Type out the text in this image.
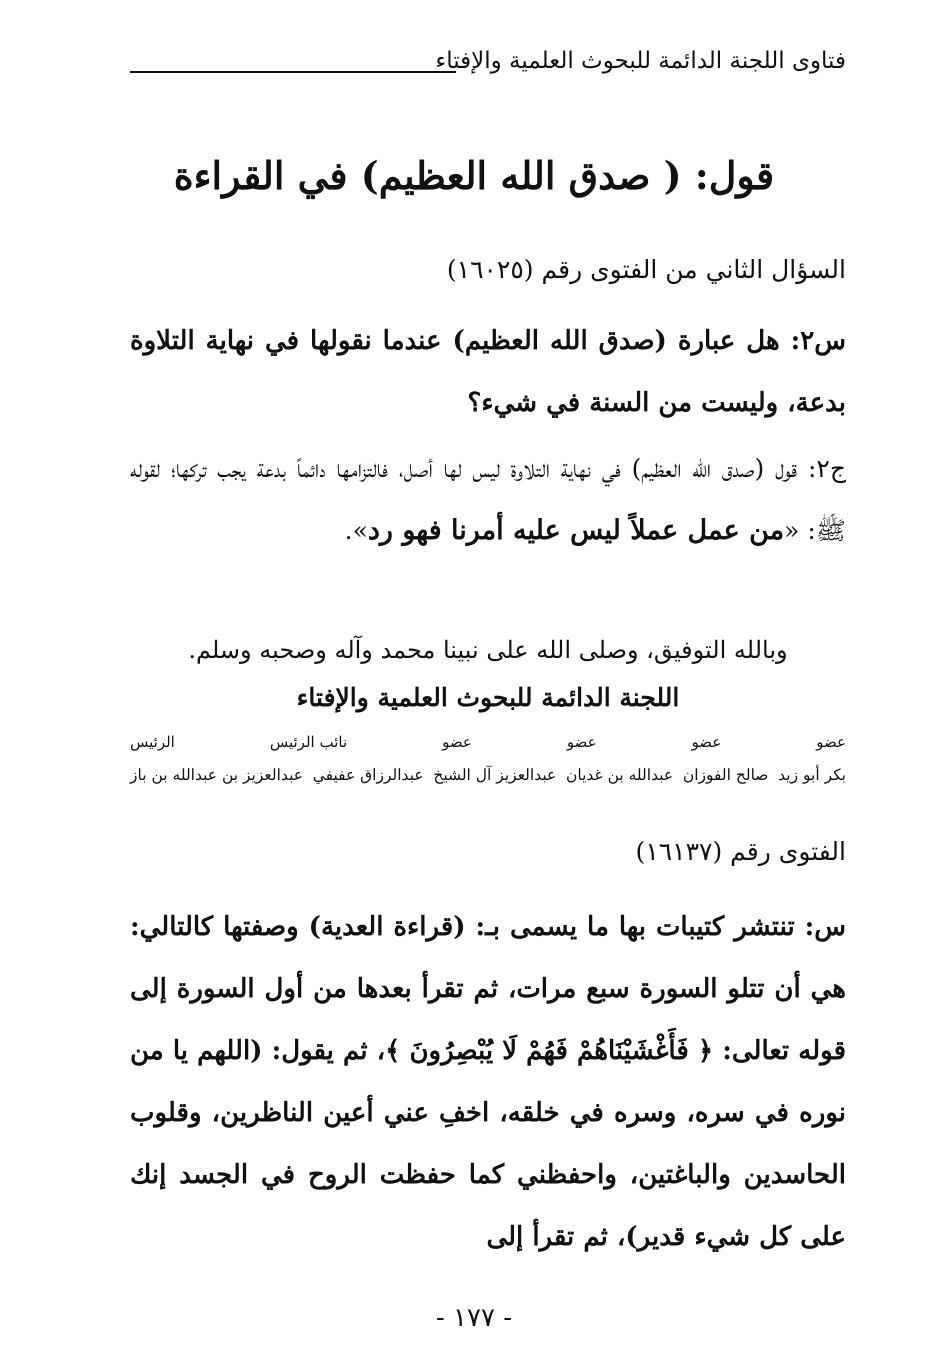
فتاوى اللجنة الدائمة للبحوث العلمية والإفتاء

قول: ( صدق الله العظيم) في القراءة

السؤال الثاني من الفتوى رقم (١٦٠٢٥)

س٢: هل عبارة (صدق الله العظيم) عندما نقولها في نهاية التلاوة بدعة، وليست من السنة في شيء؟

ج٢: قول (صدق الله العظيم) في نهاية التلاوة ليس لها أصل، فالتزامها دائماً بدعة يجب تركها؛ لقوله ﷺ: «من عمل عملاً ليس عليه أمرنا فهو رد».

وبالله التوفيق، وصلى الله على نبينا محمد وآله وصحبه وسلم.

اللجنة الدائمة للبحوث العلمية والإفتاء

عضو
عضو
عضو
عضو
نائب الرئيس
الرئيس
بكر أبو زيد
صالح الفوزان
عبدالله بن غديان
عبدالعزيز آل الشيخ
عبدالرزاق عفيفي
عبدالعزيز بن عبدالله بن باز

الفتوى رقم (١٦١٣٧)

س: تنتشر كتيبات بها ما يسمى بـ: (قراءة العدية) وصفتها كالتالي: هي أن تتلو السورة سبع مرات، ثم تقرأ بعدها من أول السورة إلى قوله تعالى: ﴿ فَأَغْشَيْنَاهُمْ فَهُمْ لَا يُبْصِرُونَ ﴾، ثم يقول: (اللهم يا من نوره في سره، وسره في خلقه، اخفِ عني أعين الناظرين، وقلوب الحاسدين والباغتين، واحفظني كما حفظت الروح في الجسد إنك على كل شيء قدير)، ثم تقرأ إلى

- ١٧٧ -
